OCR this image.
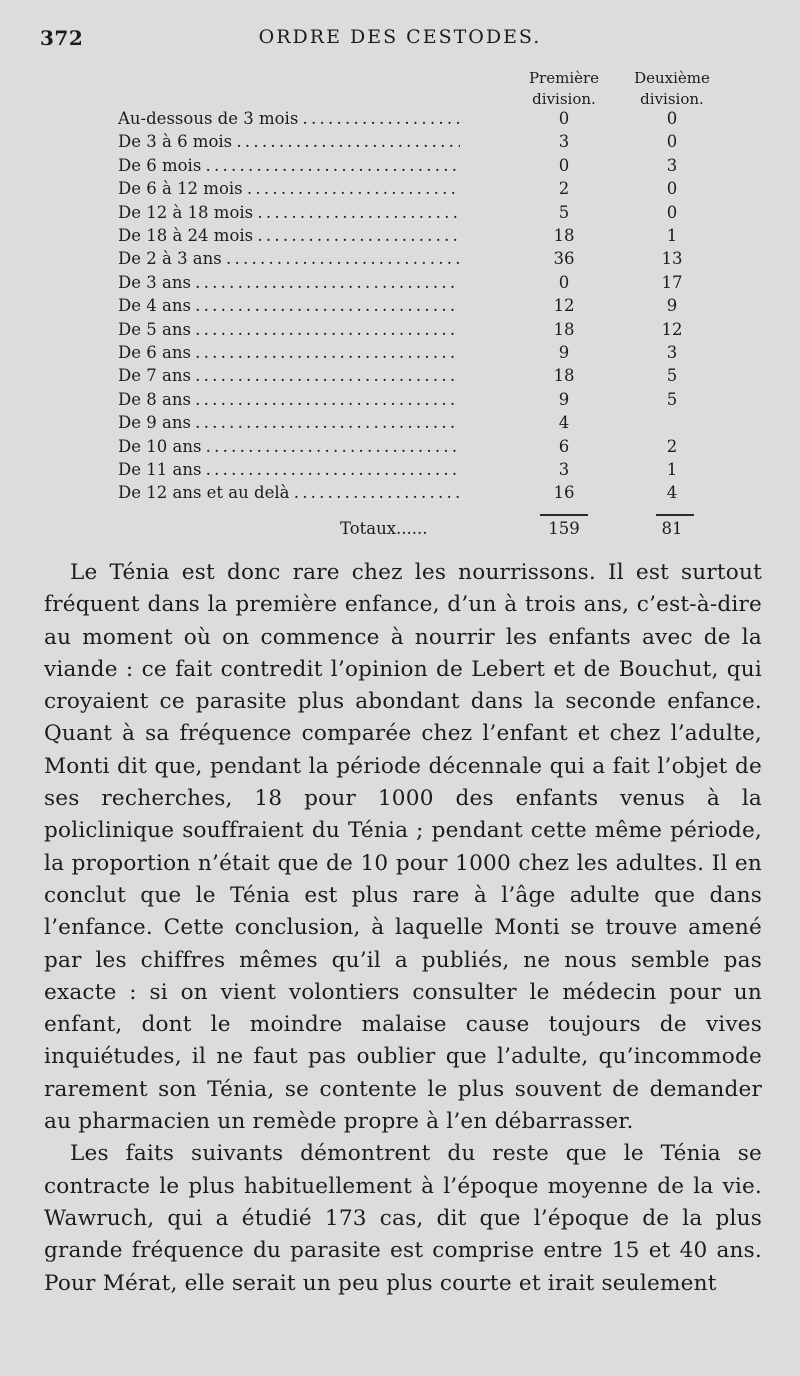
372	ORDRE DES CESTODES.
Première division.
Deuxième division.
Au-dessous de 3 mois . . .	0	0
De 3 à 6 mois . . .	3	0
De 6 mois . . .	0	3
De 6 à 12 mois . . .	2	0
De 12 à 18 mois . . .	5	0
De 18 à 24 mois . . .	18	1
De 2 à 3 ans . . .	36	13
De 3 ans . . .	0	17
De 4 ans . . .	12	9
De 5 ans . . .	18	12
De 6 ans . . .	9	3
De 7 ans . . .	18	5
De 8 ans . . .	9	5
De 9 ans . . .	4
De 10 ans . . .	6	2
De 11 ans . . .	3	1
De 12 ans et au delà . . .	16	4
Totaux......	159	81

Le Ténia est donc rare chez les nourrissons. Il est surtout fréquent dans la première enfance, d’un à trois ans, c’est-à-dire au moment où on commence à nourrir les enfants avec de la viande : ce fait contredit l’opinion de Lebert et de Bouchut, qui croyaient ce parasite plus abondant dans la seconde enfance. Quant à sa fréquence comparée chez l’enfant et chez l’adulte, Monti dit que, pendant la période décennale qui a fait l’objet de ses recherches, 18 pour 1000 des enfants venus à la policlinique souffraient du Ténia ; pendant cette même période, la proportion n’était que de 10 pour 1000 chez les adultes. Il en conclut que le Ténia est plus rare à l’âge adulte que dans l’enfance. Cette conclusion, à laquelle Monti se trouve amené par les chiffres mêmes qu’il a publiés, ne nous semble pas exacte : si on vient volontiers consulter le médecin pour un enfant, dont le moindre malaise cause toujours de vives inquiétudes, il ne faut pas oublier que l’adulte, qu’incommode rarement son Ténia, se contente le plus souvent de demander au pharmacien un remède propre à l’en débarrasser.

Les faits suivants démontrent du reste que le Ténia se contracte le plus habituellement à l’époque moyenne de la vie. Wawruch, qui a étudié 173 cas, dit que l’époque de la plus grande fréquence du parasite est comprise entre 15 et 40 ans. Pour Mérat, elle serait un peu plus courte et irait seulement
